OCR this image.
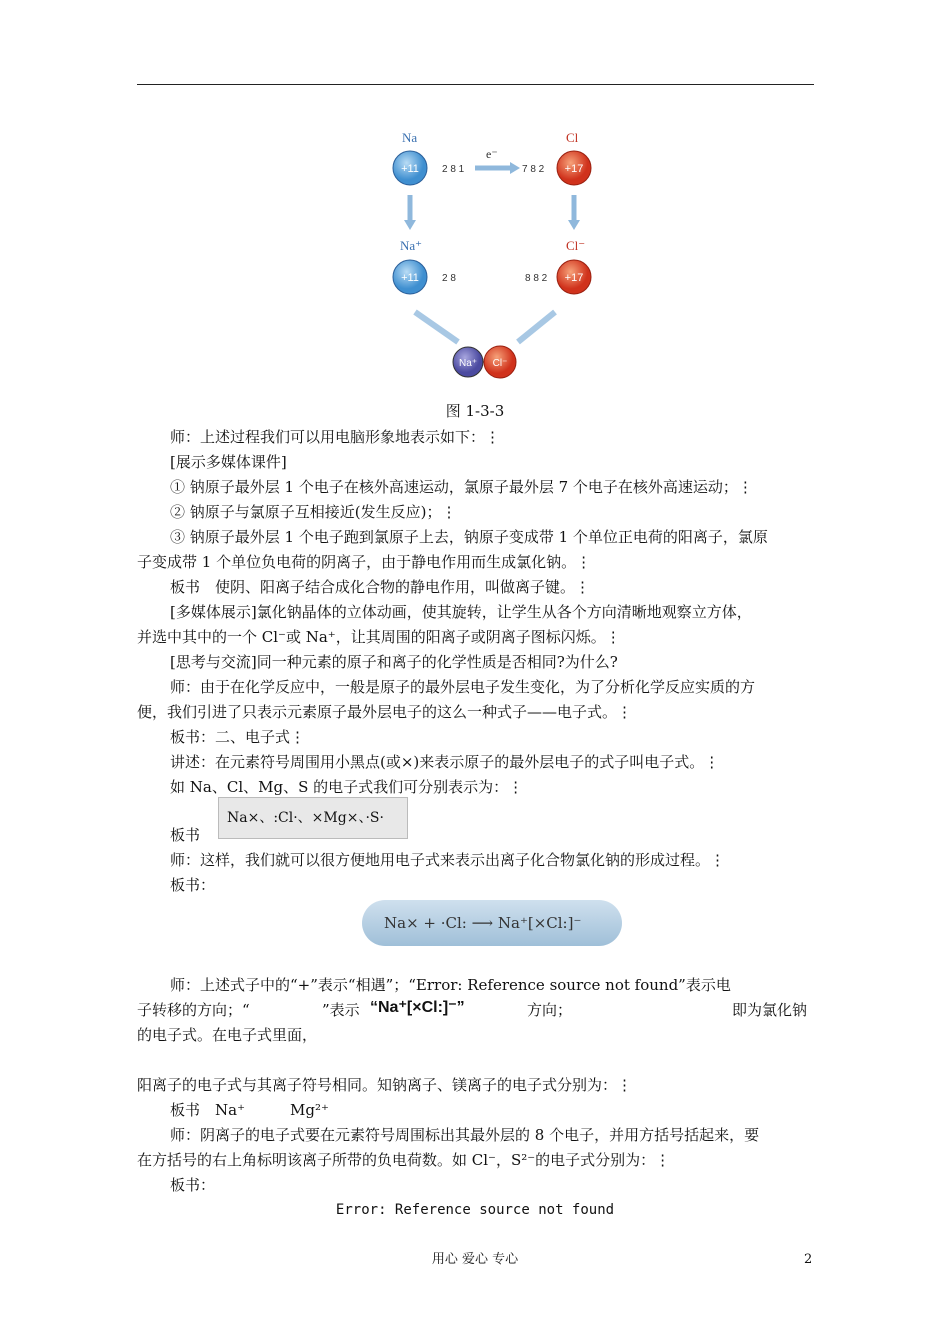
Na
+11 2 8 1
e⁻
Cl
7 8 2 +17
Na⁺
+11 2 8
Cl⁻
8 8 2 +17
Na⁺ Cl⁻
图 1-3-3
师：上述过程我们可以用电脑形象地表示如下：⋮
[展示多媒体课件]
① 钠原子最外层 1 个电子在核外高速运动，氯原子最外层 7 个电子在核外高速运动；⋮
② 钠原子与氯原子互相接近(发生反应)；⋮
③ 钠原子最外层 1 个电子跑到氯原子上去，钠原子变成带 1 个单位正电荷的阳离子，氯原
子变成带 1 个单位负电荷的阴离子，由于静电作用而生成氯化钠。⋮
板书　使阴、阳离子结合成化合物的静电作用，叫做离子键。⋮
[多媒体展示]氯化钠晶体的立体动画，使其旋转，让学生从各个方向清晰地观察立方体，
并选中其中的一个 Cl⁻或 Na⁺，让其周围的阳离子或阴离子图标闪烁。⋮
[思考与交流]同一种元素的原子和离子的化学性质是否相同?为什么?
师：由于在化学反应中，一般是原子的最外层电子发生变化，为了分析化学反应实质的方
便，我们引进了只表示元素原子最外层电子的这么一种式子——电子式。⋮
板书：二、电子式⋮
讲述：在元素符号周围用小黑点(或×)来表示原子的最外层电子的式子叫电子式。⋮
如 Na、Cl、Mg、S 的电子式我们可分别表示为：⋮
Na×、:Cl·、×Mg×、·S·
板书
师：这样，我们就可以很方便地用电子式来表示出离子化合物氯化钠的形成过程。⋮
板书：
Na× + ·Cl: ⟶ Na⁺[×Cl:]⁻
师：上述式子中的“+”表示“相遇”；“Error: Reference source not found”表示电
子转移的方向；“	”表示 “Na⁺[×Cl:]⁻”	方向；	即为氯化钠
的电子式。在电子式里面，
阳离子的电子式与其离子符号相同。知钠离子、镁离子的电子式分别为：⋮
板书　Na⁺　　　Mg²⁺
师：阴离子的电子式要在元素符号周围标出其最外层的 8 个电子，并用方括号括起来，要
在方括号的右上角标明该离子所带的负电荷数。如 Cl⁻，S²⁻的电子式分别为：⋮
板书：
Error: Reference source not found
用心 爱心 专心	2
